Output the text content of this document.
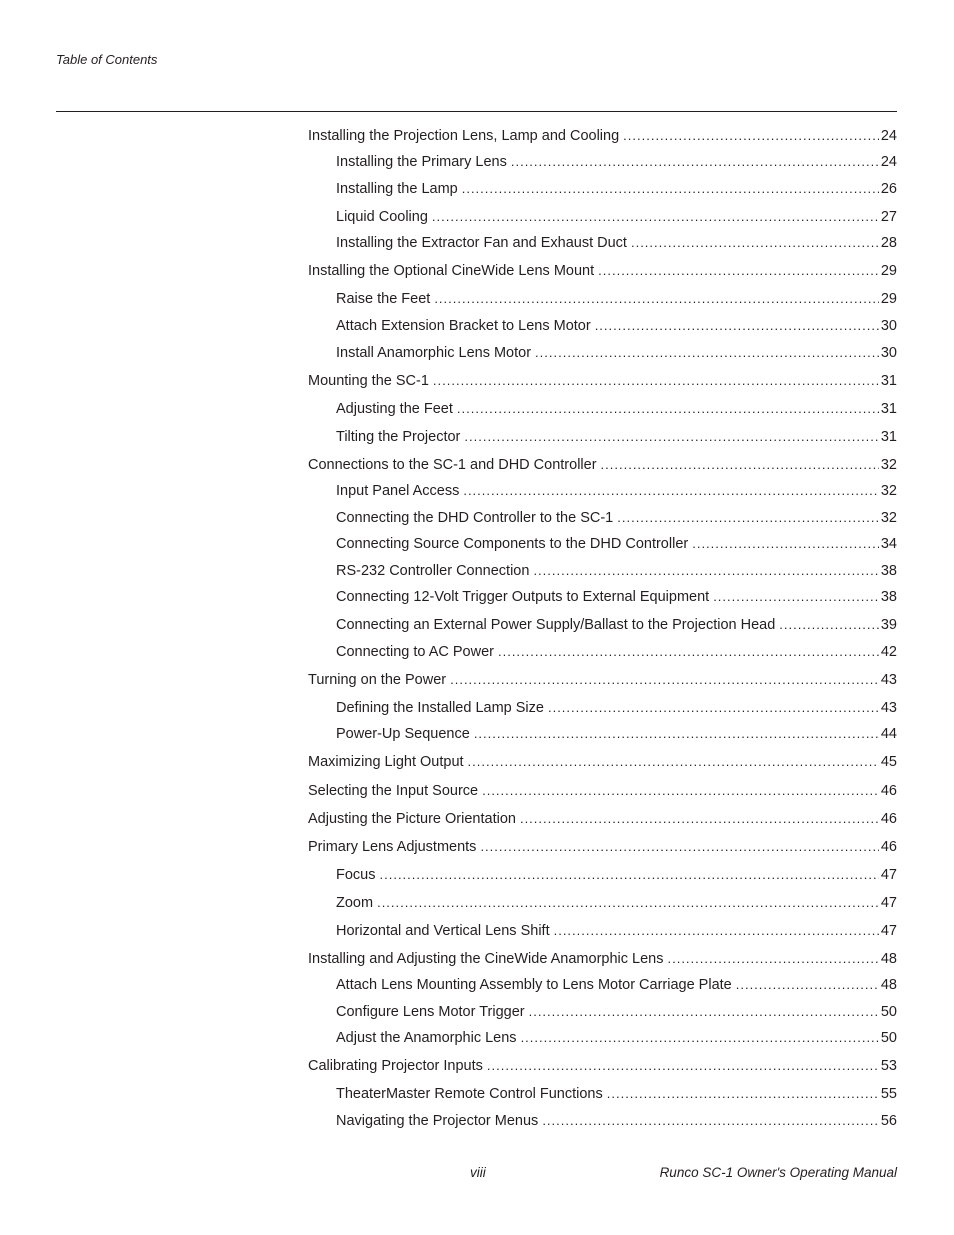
Table of Contents
Installing the Projection Lens, Lamp and Cooling .....	24
Installing the Primary Lens .....	24
Installing the Lamp .....	26
Liquid Cooling .....	27
Installing the Extractor Fan and Exhaust Duct .....	28
Installing the Optional CineWide Lens Mount .....	29
Raise the Feet .....	29
Attach Extension Bracket to Lens Motor .....	30
Install Anamorphic Lens Motor .....	30
Mounting the SC-1 .....	31
Adjusting the Feet .....	31
Tilting the Projector .....	31
Connections to the SC-1 and DHD Controller .....	32
Input Panel Access .....	32
Connecting the DHD Controller to the SC-1 .....	32
Connecting Source Components to the DHD Controller .....	34
RS-232 Controller Connection .....	38
Connecting 12-Volt Trigger Outputs to External Equipment .....	38
Connecting an External Power Supply/Ballast to the Projection Head .....	39
Connecting to AC Power .....	42
Turning on the Power .....	43
Defining the Installed Lamp Size .....	43
Power-Up Sequence .....	44
Maximizing Light Output .....	45
Selecting the Input Source .....	46
Adjusting the Picture Orientation .....	46
Primary Lens Adjustments .....	46
Focus .....	47
Zoom .....	47
Horizontal and Vertical Lens Shift .....	47
Installing and Adjusting the CineWide Anamorphic Lens .....	48
Attach Lens Mounting Assembly to Lens Motor Carriage Plate .....	48
Configure Lens Motor Trigger .....	50
Adjust the Anamorphic Lens .....	50
Calibrating Projector Inputs .....	53
TheaterMaster Remote Control Functions .....	55
Navigating the Projector Menus .....	56
viii	Runco SC-1 Owner's Operating Manual
